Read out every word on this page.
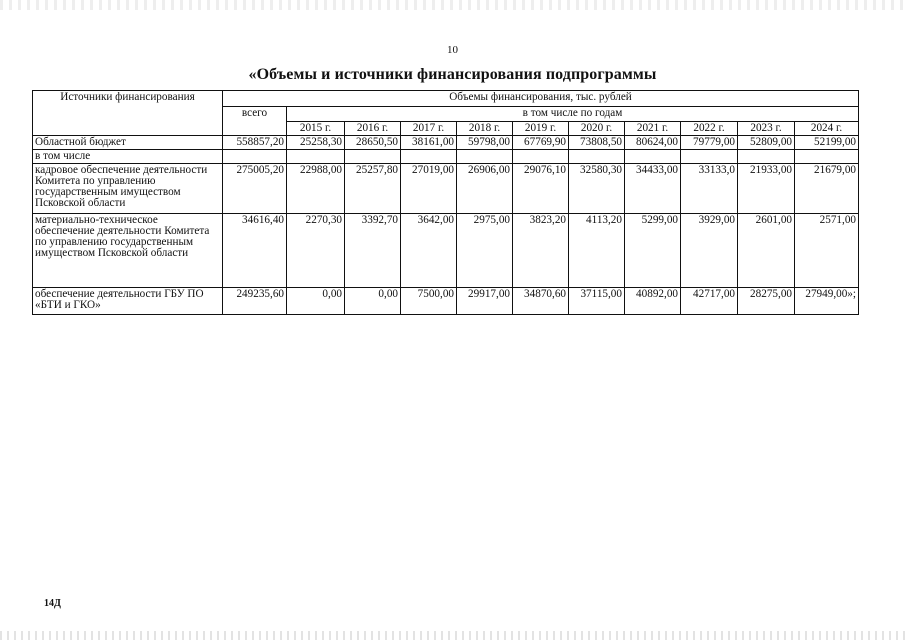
10
«Объемы и источники финансирования подпрограммы
Источники финансирования	Объемы финансирования, тыс. рублей										
	всего	в том числе по годам									
		2015 г.	2016 г.	2017 г.	2018 г.	2019 г.	2020 г.	2021 г.	2022 г.	2023 г.	2024 г.
Областной бюджет	558857,20	25258,30	28650,50	38161,00	59798,00	67769,90	73808,50	80624,00	79779,00	52809,00	52199,00
в том числе											
кадровое обеспечение деятельности Комитета по управлению государственным имуществом Псковской области	275005,20	22988,00	25257,80	27019,00	26906,00	29076,10	32580,30	34433,00	33133,0	21933,00	21679,00
материально-техническое обеспечение деятельности Комитета по управлению государственным имуществом Псковской области	34616,40	2270,30	3392,70	3642,00	2975,00	3823,20	4113,20	5299,00	3929,00	2601,00	2571,00
обеспечение деятельности ГБУ ПО «БТИ и ГКО»	249235,60	0,00	0,00	7500,00	29917,00	34870,60	37115,00	40892,00	42717,00	28275,00	27949,00»;
14Д
